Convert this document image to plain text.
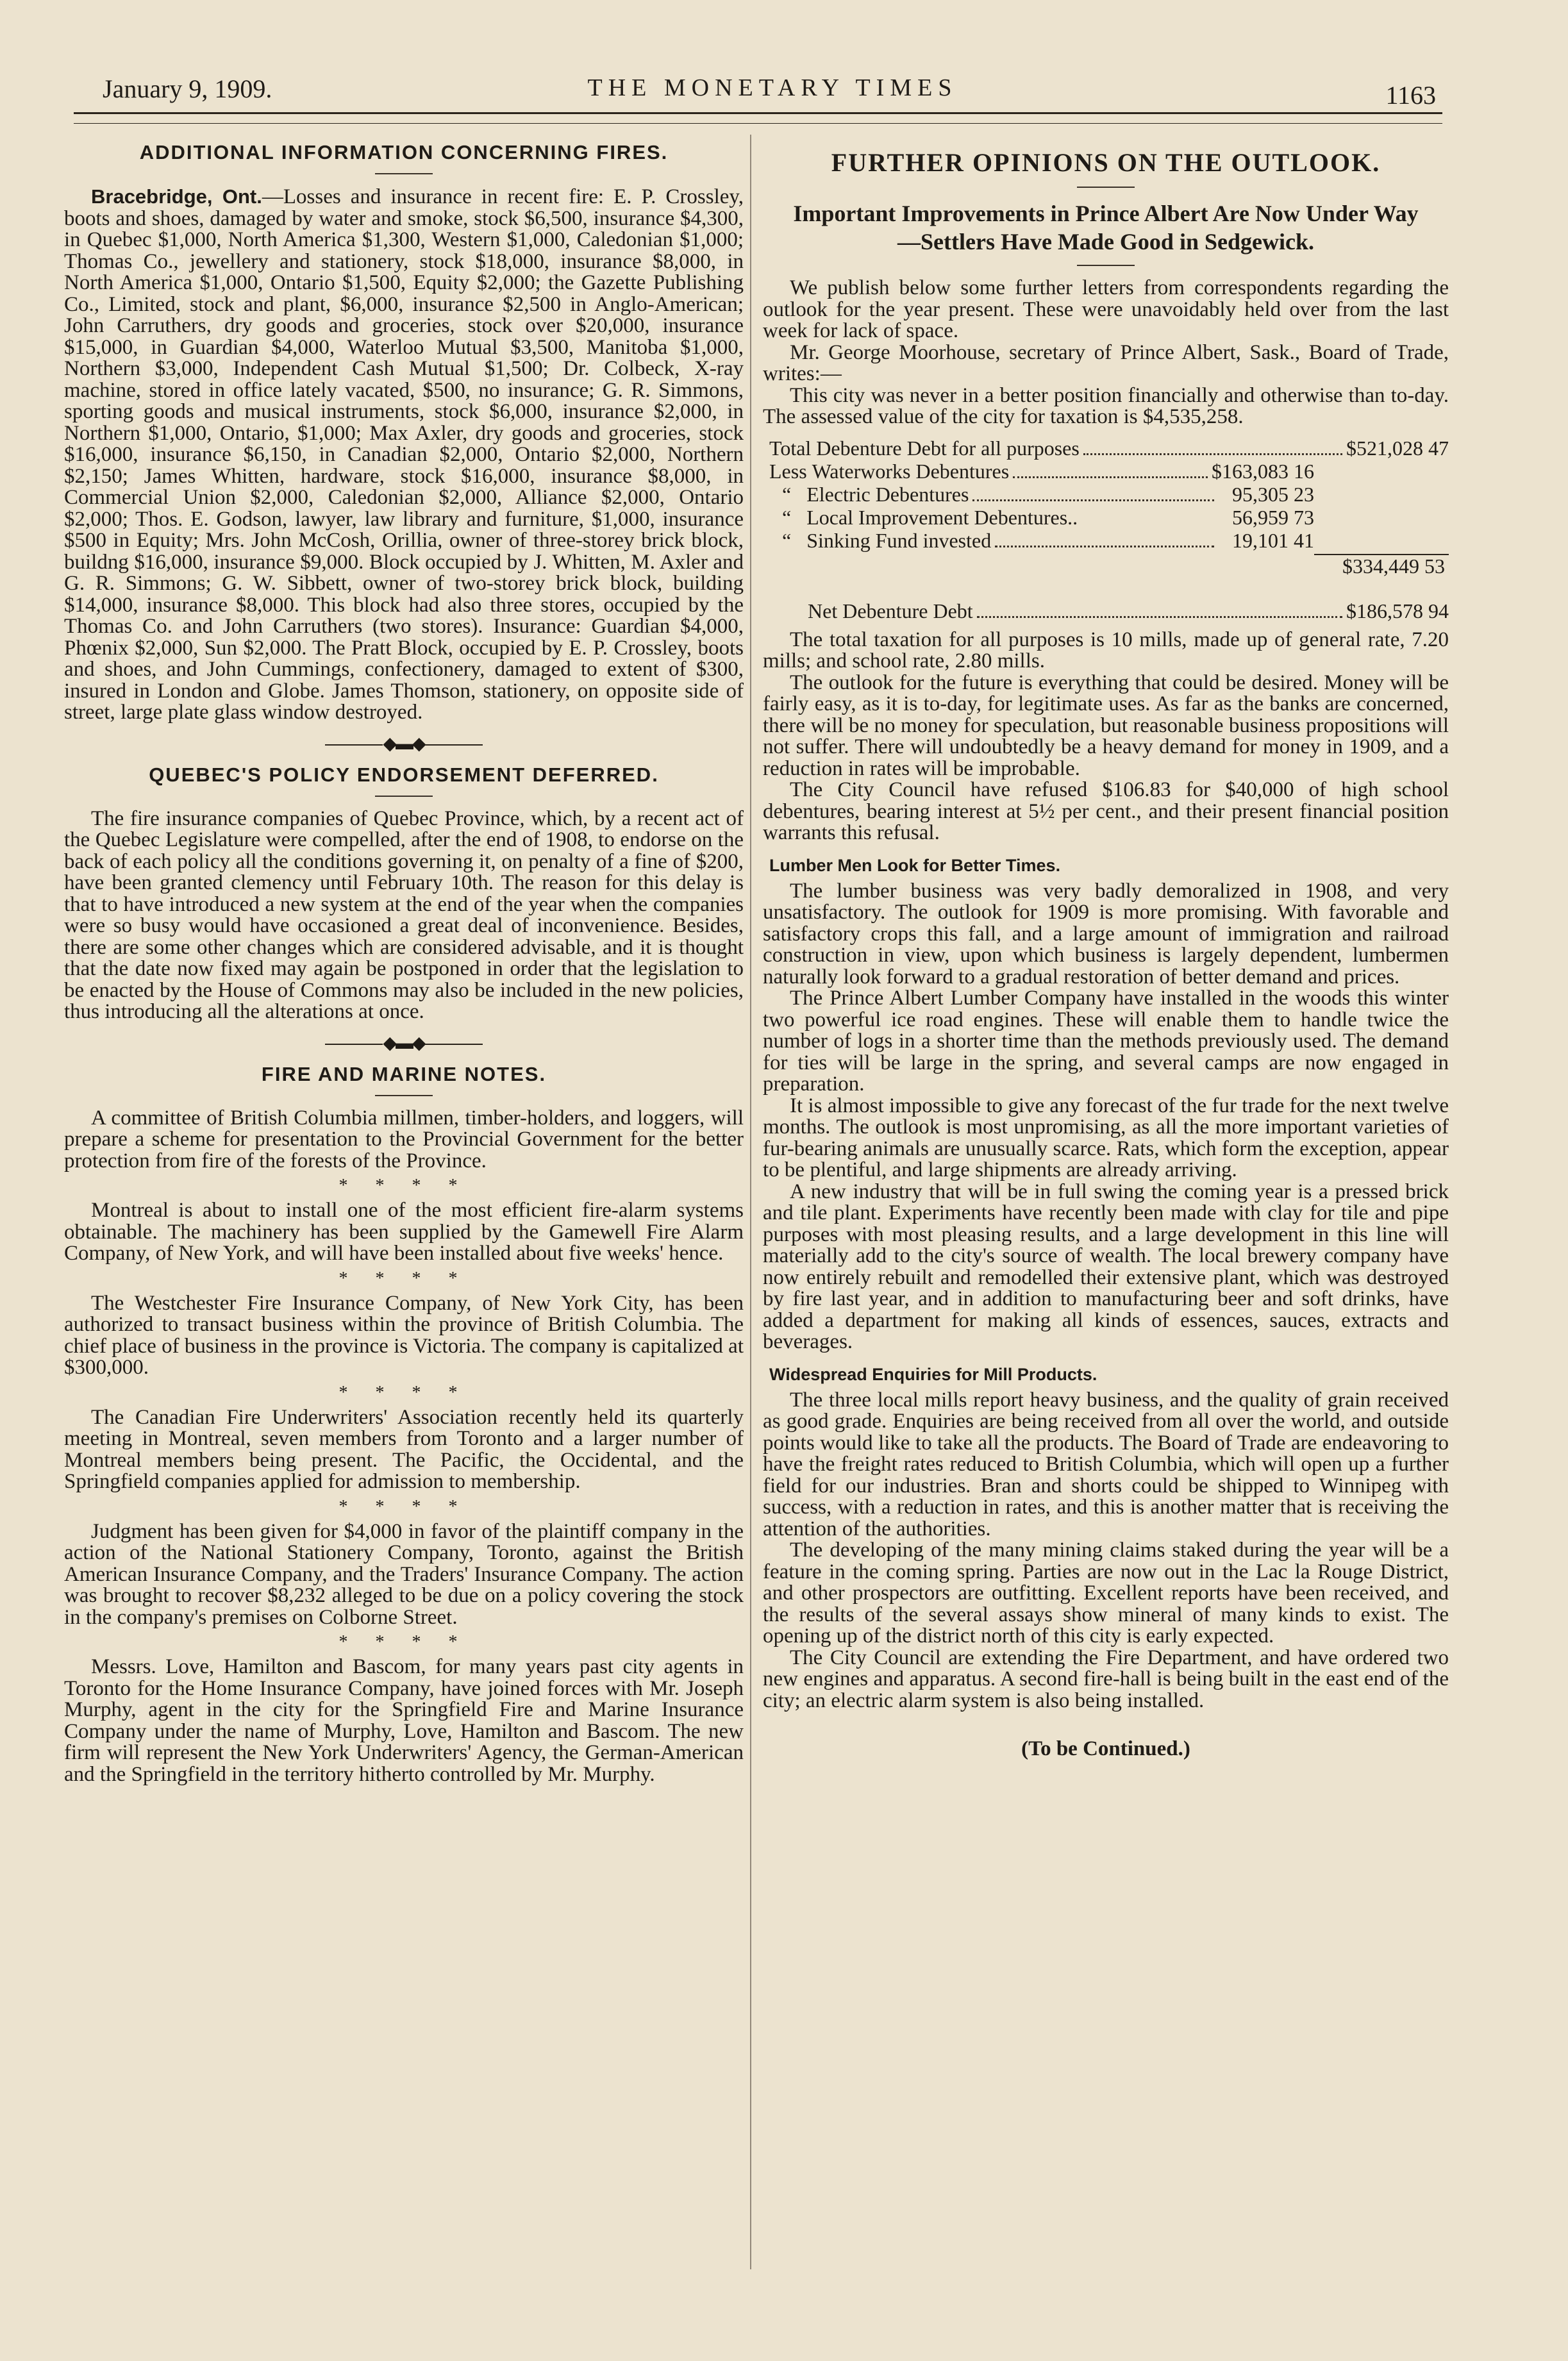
January 9, 1909.	THE MONETARY TIMES	1163
ADDITIONAL INFORMATION CONCERNING FIRES.

Bracebridge, Ont.—Losses and insurance in recent fire: E. P. Crossley, boots and shoes, damaged by water and smoke, stock $6,500, insurance $4,300, in Quebec $1,000, North America $1,300, Western $1,000, Caledonian $1,000; Thomas Co., jewellery and stationery, stock $18,000, insurance $8,000, in North America $1,000, Ontario $1,500, Equity $2,000; the Gazette Publishing Co., Limited, stock and plant, $6,000, insurance $2,500 in Anglo-American; John Carruthers, dry goods and groceries, stock over $20,000, insurance $15,000, in Guardian $4,000, Waterloo Mutual $3,500, Manitoba $1,000, Northern $3,000, Independent Cash Mutual $1,500; Dr. Colbeck, X-ray machine, stored in office lately vacated, $500, no insurance; G. R. Simmons, sporting goods and musical instruments, stock $6,000, insurance $2,000, in Northern $1,000, Ontario, $1,000; Max Axler, dry goods and groceries, stock $16,000, insurance $6,150, in Canadian $2,000, Ontario $2,000, Northern $2,150; James Whitten, hardware, stock $16,000, insurance $8,000, in Commercial Union $2,000, Caledonian $2,000, Alliance $2,000, Ontario $2,000; Thos. E. Godson, lawyer, law library and furniture, $1,000, insurance $500 in Equity; Mrs. John McCosh, Orillia, owner of three-storey brick block, buildng $16,000, insurance $9,000. Block occupied by J. Whitten, M. Axler and G. R. Simmons; G. W. Sibbett, owner of two-storey brick block, building $14,000, insurance $8,000. This block had also three stores, occupied by the Thomas Co. and John Carruthers (two stores). Insurance: Guardian $4,000, Phœnix $2,000, Sun $2,000. The Pratt Block, occupied by E. P. Crossley, boots and shoes, and John Cummings, confectionery, damaged to extent of $300, insured in London and Globe. James Thomson, stationery, on opposite side of street, large plate glass window destroyed.

◆▬◆
QUEBEC'S POLICY ENDORSEMENT DEFERRED.

The fire insurance companies of Quebec Province, which, by a recent act of the Quebec Legislature were compelled, after the end of 1908, to endorse on the back of each policy all the conditions governing it, on penalty of a fine of $200, have been granted clemency until February 10th. The reason for this delay is that to have introduced a new system at the end of the year when the companies were so busy would have occasioned a great deal of inconvenience. Besides, there are some other changes which are considered advisable, and it is thought that the date now fixed may again be postponed in order that the legislation to be enacted by the House of Commons may also be included in the new policies, thus introducing all the alterations at once.

◆▬◆
FIRE AND MARINE NOTES.

A committee of British Columbia millmen, timber-holders, and loggers, will prepare a scheme for presentation to the Provincial Government for the better protection from fire of the forests of the Province.

* * * *

Montreal is about to install one of the most efficient fire-alarm systems obtainable. The machinery has been supplied by the Gamewell Fire Alarm Company, of New York, and will have been installed about five weeks' hence.

* * * *

The Westchester Fire Insurance Company, of New York City, has been authorized to transact business within the province of British Columbia. The chief place of business in the province is Victoria. The company is capitalized at $300,000.

* * * *

The Canadian Fire Underwriters' Association recently held its quarterly meeting in Montreal, seven members from Toronto and a larger number of Montreal members being present. The Pacific, the Occidental, and the Springfield companies applied for admission to membership.

* * * *

Judgment has been given for $4,000 in favor of the plaintiff company in the action of the National Stationery Company, Toronto, against the British American Insurance Company, and the Traders' Insurance Company. The action was brought to recover $8,232 alleged to be due on a policy covering the stock in the company's premises on Colborne Street.

* * * *

Messrs. Love, Hamilton and Bascom, for many years past city agents in Toronto for the Home Insurance Company, have joined forces with Mr. Joseph Murphy, agent in the city for the Springfield Fire and Marine Insurance Company under the name of Murphy, Love, Hamilton and Bascom. The new firm will represent the New York Underwriters' Agency, the German-American and the Springfield in the territory hitherto controlled by Mr. Murphy.

FURTHER OPINIONS ON THE OUTLOOK.
Important Improvements in Prince Albert Are Now Under Way—Settlers Have Made Good in Sedgewick.

We publish below some further letters from correspondents regarding the outlook for the year present. These were unavoidably held over from the last week for lack of space.

Mr. George Moorhouse, secretary of Prince Albert, Sask., Board of Trade, writes:—

This city was never in a better position financially and otherwise than to-day. The assessed value of the city for taxation is $4,535,258.

Total Debenture Debt for all purposes	$521,028 47
Less Waterworks Debentures	$163,083 16
“ Electric Debentures	95,305 23
“ Local Improvement Debentures..	56,959 73
“ Sinking Fund invested	19,101 41
$334,449 53
Net Debenture Debt	$186,578 94

The total taxation for all purposes is 10 mills, made up of general rate, 7.20 mills; and school rate, 2.80 mills.

The outlook for the future is everything that could be desired. Money will be fairly easy, as it is to-day, for legitimate uses. As far as the banks are concerned, there will be no money for speculation, but reasonable business propositions will not suffer. There will undoubtedly be a heavy demand for money in 1909, and a reduction in rates will be improbable.

The City Council have refused $106.83 for $40,000 of high school debentures, bearing interest at 5½ per cent., and their present financial position warrants this refusal.

Lumber Men Look for Better Times.

The lumber business was very badly demoralized in 1908, and very unsatisfactory. The outlook for 1909 is more promising. With favorable and satisfactory crops this fall, and a large amount of immigration and railroad construction in view, upon which business is largely dependent, lumbermen naturally look forward to a gradual restoration of better demand and prices.

The Prince Albert Lumber Company have installed in the woods this winter two powerful ice road engines. These will enable them to handle twice the number of logs in a shorter time than the methods previously used. The demand for ties will be large in the spring, and several camps are now engaged in preparation.

It is almost impossible to give any forecast of the fur trade for the next twelve months. The outlook is most unpromising, as all the more important varieties of fur-bearing animals are unusually scarce. Rats, which form the exception, appear to be plentiful, and large shipments are already arriving.

A new industry that will be in full swing the coming year is a pressed brick and tile plant. Experiments have recently been made with clay for tile and pipe purposes with most pleasing results, and a large development in this line will materially add to the city's source of wealth. The local brewery company have now entirely rebuilt and remodelled their extensive plant, which was destroyed by fire last year, and in addition to manufacturing beer and soft drinks, have added a department for making all kinds of essences, sauces, extracts and beverages.

Widespread Enquiries for Mill Products.

The three local mills report heavy business, and the quality of grain received as good grade. Enquiries are being received from all over the world, and outside points would like to take all the products. The Board of Trade are endeavoring to have the freight rates reduced to British Columbia, which will open up a further field for our industries. Bran and shorts could be shipped to Winnipeg with success, with a reduction in rates, and this is another matter that is receiving the attention of the authorities.

The developing of the many mining claims staked during the year will be a feature in the coming spring. Parties are now out in the Lac la Rouge District, and other prospectors are outfitting. Excellent reports have been received, and the results of the several assays show mineral of many kinds to exist. The opening up of the district north of this city is early expected.

The City Council are extending the Fire Department, and have ordered two new engines and apparatus. A second fire-hall is being built in the east end of the city; an electric alarm system is also being installed.

(To be Continued.)
